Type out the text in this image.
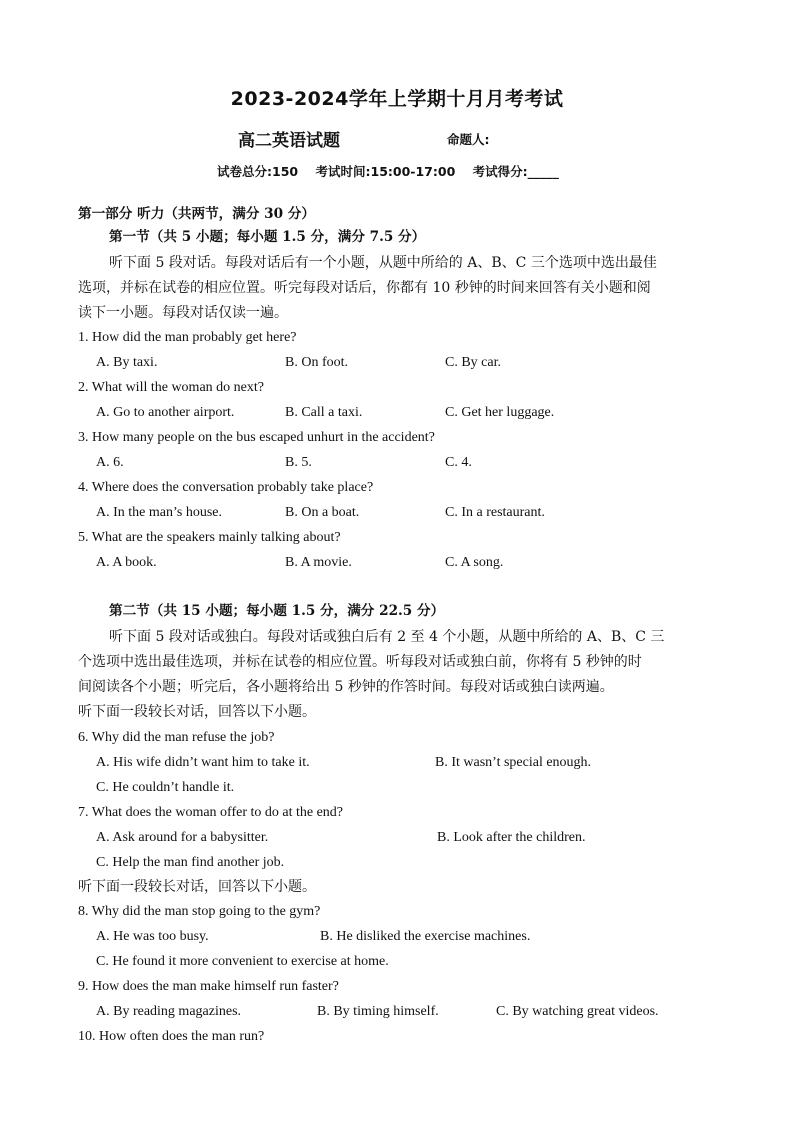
2023-2024学年上学期十月月考考试
高二英语试题	命题人:
试卷总分:150    考试时间:15:00-17:00    考试得分:_____
第一部分 听力（共两节，满分 30 分）
第一节（共 5 小题；每小题 1.5 分，满分 7.5 分）
听下面 5 段对话。每段对话后有一个小题，从题中所给的 A、B、C 三个选项中选出最佳
选项，并标在试卷的相应位置。听完每段对话后，你都有 10 秒钟的时间来回答有关小题和阅
读下一小题。每段对话仅读一遍。
1. How did the man probably get here?
A. By taxi.	B. On foot.	C. By car.
2. What will the woman do next?
A. Go to another airport.	B. Call a taxi.	C. Get her luggage.
3. How many people on the bus escaped unhurt in the accident?
A. 6.	B. 5.	C. 4.
4. Where does the conversation probably take place?
A. In the man’s house.	B. On a boat.	C. In a restaurant.
5. What are the speakers mainly talking about?
A. A book.	B. A movie.	C. A song.
第二节（共 15 小题；每小题 1.5 分，满分 22.5 分）
听下面 5 段对话或独白。每段对话或独白后有 2 至 4 个小题，从题中所给的 A、B、C 三
个选项中选出最佳选项，并标在试卷的相应位置。听每段对话或独白前，你将有 5 秒钟的时
间阅读各个小题；听完后，各小题将给出 5 秒钟的作答时间。每段对话或独白读两遍。
听下面一段较长对话，回答以下小题。
6. Why did the man refuse the job?
A. His wife didn’t want him to take it.	B. It wasn’t special enough.
C. He couldn’t handle it.
7. What does the woman offer to do at the end?
A. Ask around for a babysitter.	B. Look after the children.
C. Help the man find another job.
听下面一段较长对话，回答以下小题。
8. Why did the man stop going to the gym?
A. He was too busy.	B. He disliked the exercise machines.
C. He found it more convenient to exercise at home.
9. How does the man make himself run faster?
A. By reading magazines.	B. By timing himself.	C. By watching great videos.
10. How often does the man run?
